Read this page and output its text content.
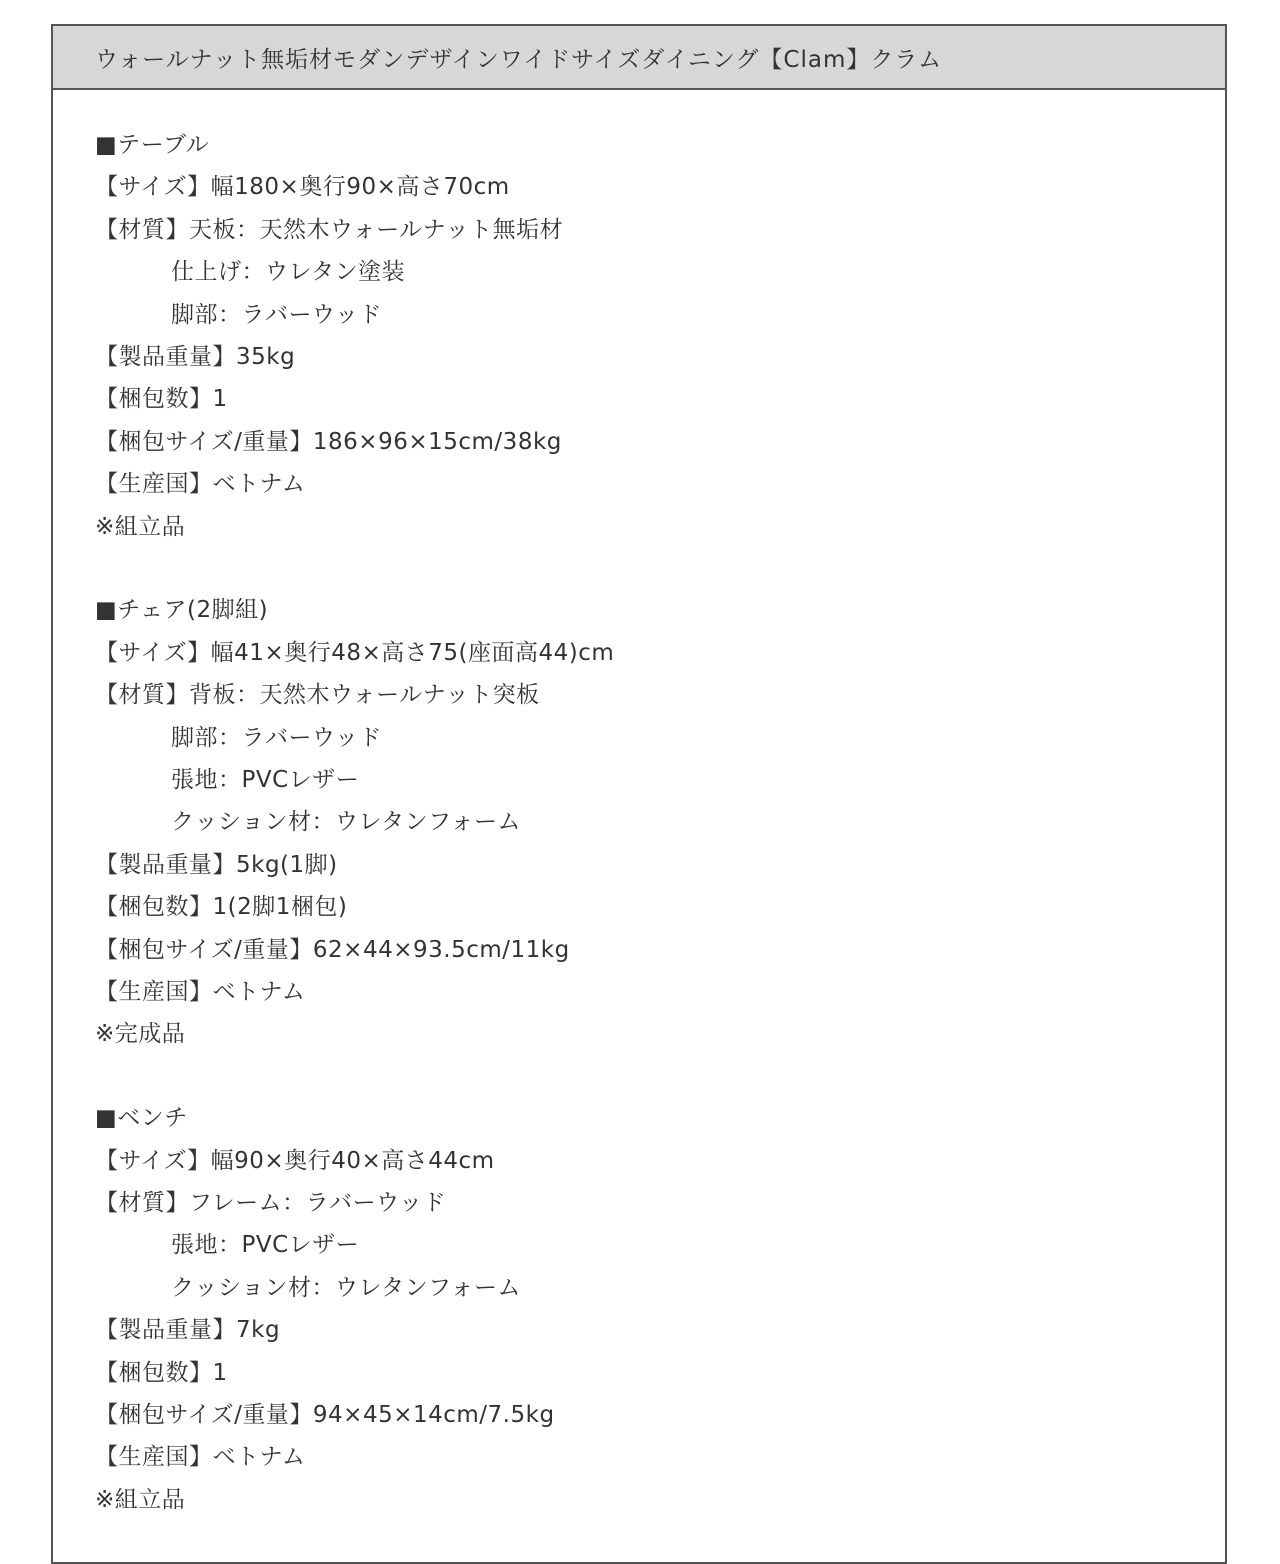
ウォールナット無垢材モダンデザインワイドサイズダイニング【Clam】クラム
■テーブル
【サイズ】幅180×奥行90×高さ70cm
【材質】天板：天然木ウォールナット無垢材
仕上げ：ウレタン塗装
脚部：ラバーウッド
【製品重量】35kg
【梱包数】1
【梱包サイズ/重量】186×96×15cm/38kg
【生産国】ベトナム
※組立品
■チェア(2脚組)
【サイズ】幅41×奥行48×高さ75(座面高44)cm
【材質】背板：天然木ウォールナット突板
脚部：ラバーウッド
張地：PVCレザー
クッション材：ウレタンフォーム
【製品重量】5kg(1脚)
【梱包数】1(2脚1梱包)
【梱包サイズ/重量】62×44×93.5cm/11kg
【生産国】ベトナム
※完成品
■ベンチ
【サイズ】幅90×奥行40×高さ44cm
【材質】フレーム：ラバーウッド
張地：PVCレザー
クッション材：ウレタンフォーム
【製品重量】7kg
【梱包数】1
【梱包サイズ/重量】94×45×14cm/7.5kg
【生産国】ベトナム
※組立品
